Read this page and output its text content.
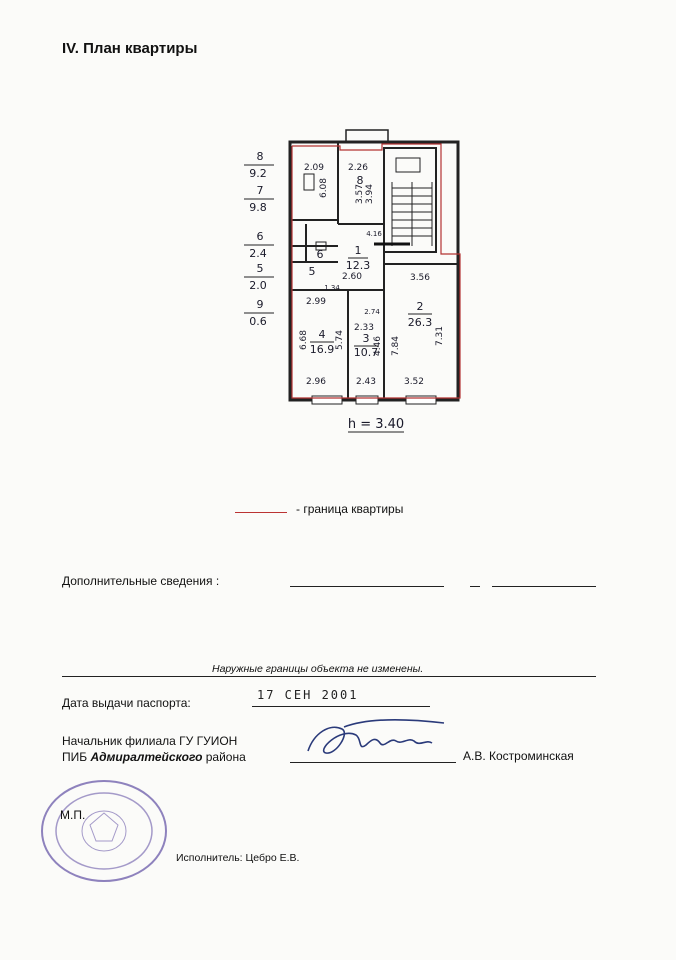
IV. План квартиры
8
9.2
7
9.8
6
2.4
5
2.0
9
0.6
2.09	2.26
2.99
3.56
2.96	2.43	3.52
2.60
2.33
6.08	3.57 3.94
5.74	4.46 7.84	7.31
6.68
4.16
1.34
2.74
8
1
12.3
2
26.3
3
10.7
4
16.9
5
6
h = 3.40
- граница квартиры
Дополнительные сведения :
Наружные границы объекта не изменены.
Дата выдачи паспорта:
17 СЕН 2001
Начальник филиала ГУ ГУИОН
ПИБ Адмиралтейского района	А.В. Костроминская
М.П.
Исполнитель: Цебро Е.В.
